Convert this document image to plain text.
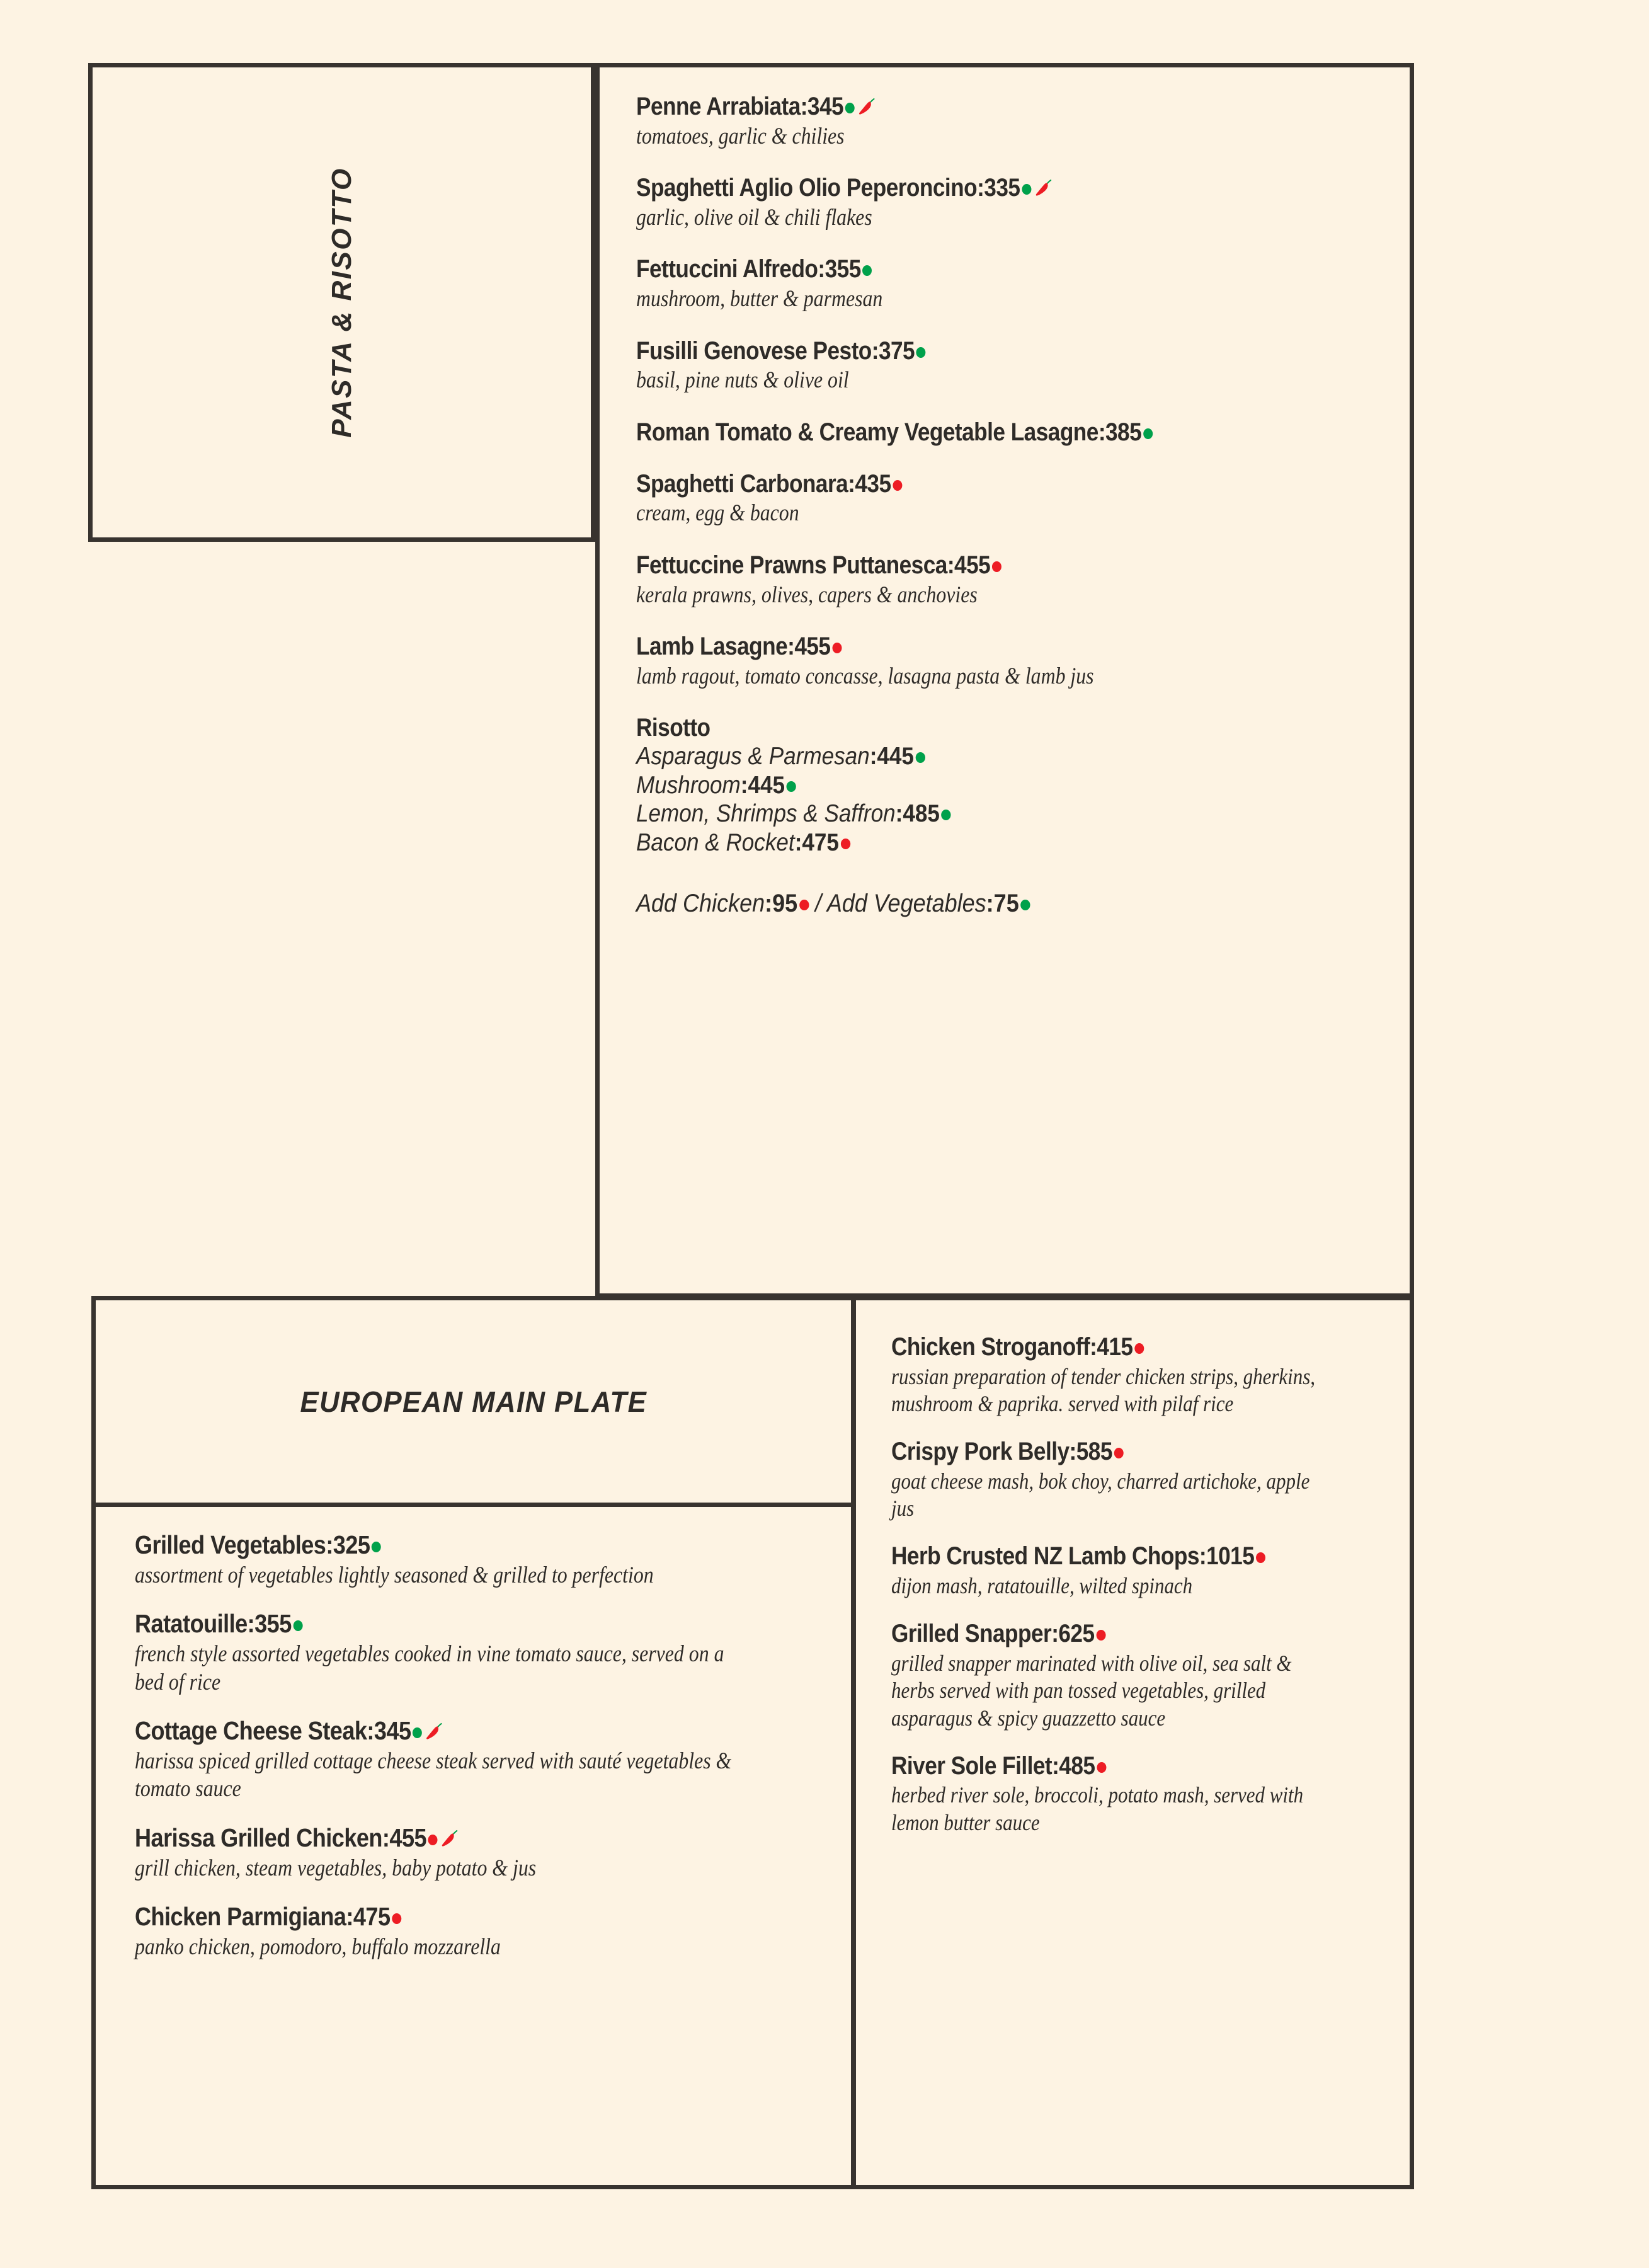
PASTA & RISOTTO
Penne Arrabiata:345
tomatoes, garlic & chilies
Spaghetti Aglio Olio Peperoncino:335
garlic, olive oil & chili flakes
Fettuccini Alfredo:355
mushroom, butter & parmesan
Fusilli Genovese Pesto:375
basil, pine nuts & olive oil
Roman Tomato & Creamy Vegetable Lasagne:385
Spaghetti Carbonara:435
cream, egg & bacon
Fettuccine Prawns Puttanesca:455
kerala prawns, olives, capers & anchovies
Lamb Lasagne:455
lamb ragout, tomato concasse, lasagna pasta & lamb jus
Risotto
Asparagus & Parmesan:445
Mushroom:445
Lemon, Shrimps & Saffron:485
Bacon & Rocket:475
Add Chicken:95 / Add Vegetables:75
EUROPEAN MAIN PLATE
Grilled Vegetables:325
assortment of vegetables lightly seasoned & grilled to perfection
Ratatouille:355
french style assorted vegetables cooked in vine tomato sauce, served on a bed of rice
Cottage Cheese Steak:345
harissa spiced grilled cottage cheese steak served with sauté vegetables & tomato sauce
Harissa Grilled Chicken:455
grill chicken, steam vegetables, baby potato & jus
Chicken Parmigiana:475
panko chicken, pomodoro, buffalo mozzarella
Chicken Stroganoff:415
russian preparation of tender chicken strips, gherkins, mushroom & paprika. served with pilaf rice
Crispy Pork Belly:585
goat cheese mash, bok choy, charred artichoke, apple jus
Herb Crusted NZ Lamb Chops:1015
dijon mash, ratatouille, wilted spinach
Grilled Snapper:625
grilled snapper marinated with olive oil, sea salt & herbs served with pan tossed vegetables, grilled asparagus & spicy guazzetto sauce
River Sole Fillet:485
herbed river sole, broccoli, potato mash, served with lemon butter sauce
